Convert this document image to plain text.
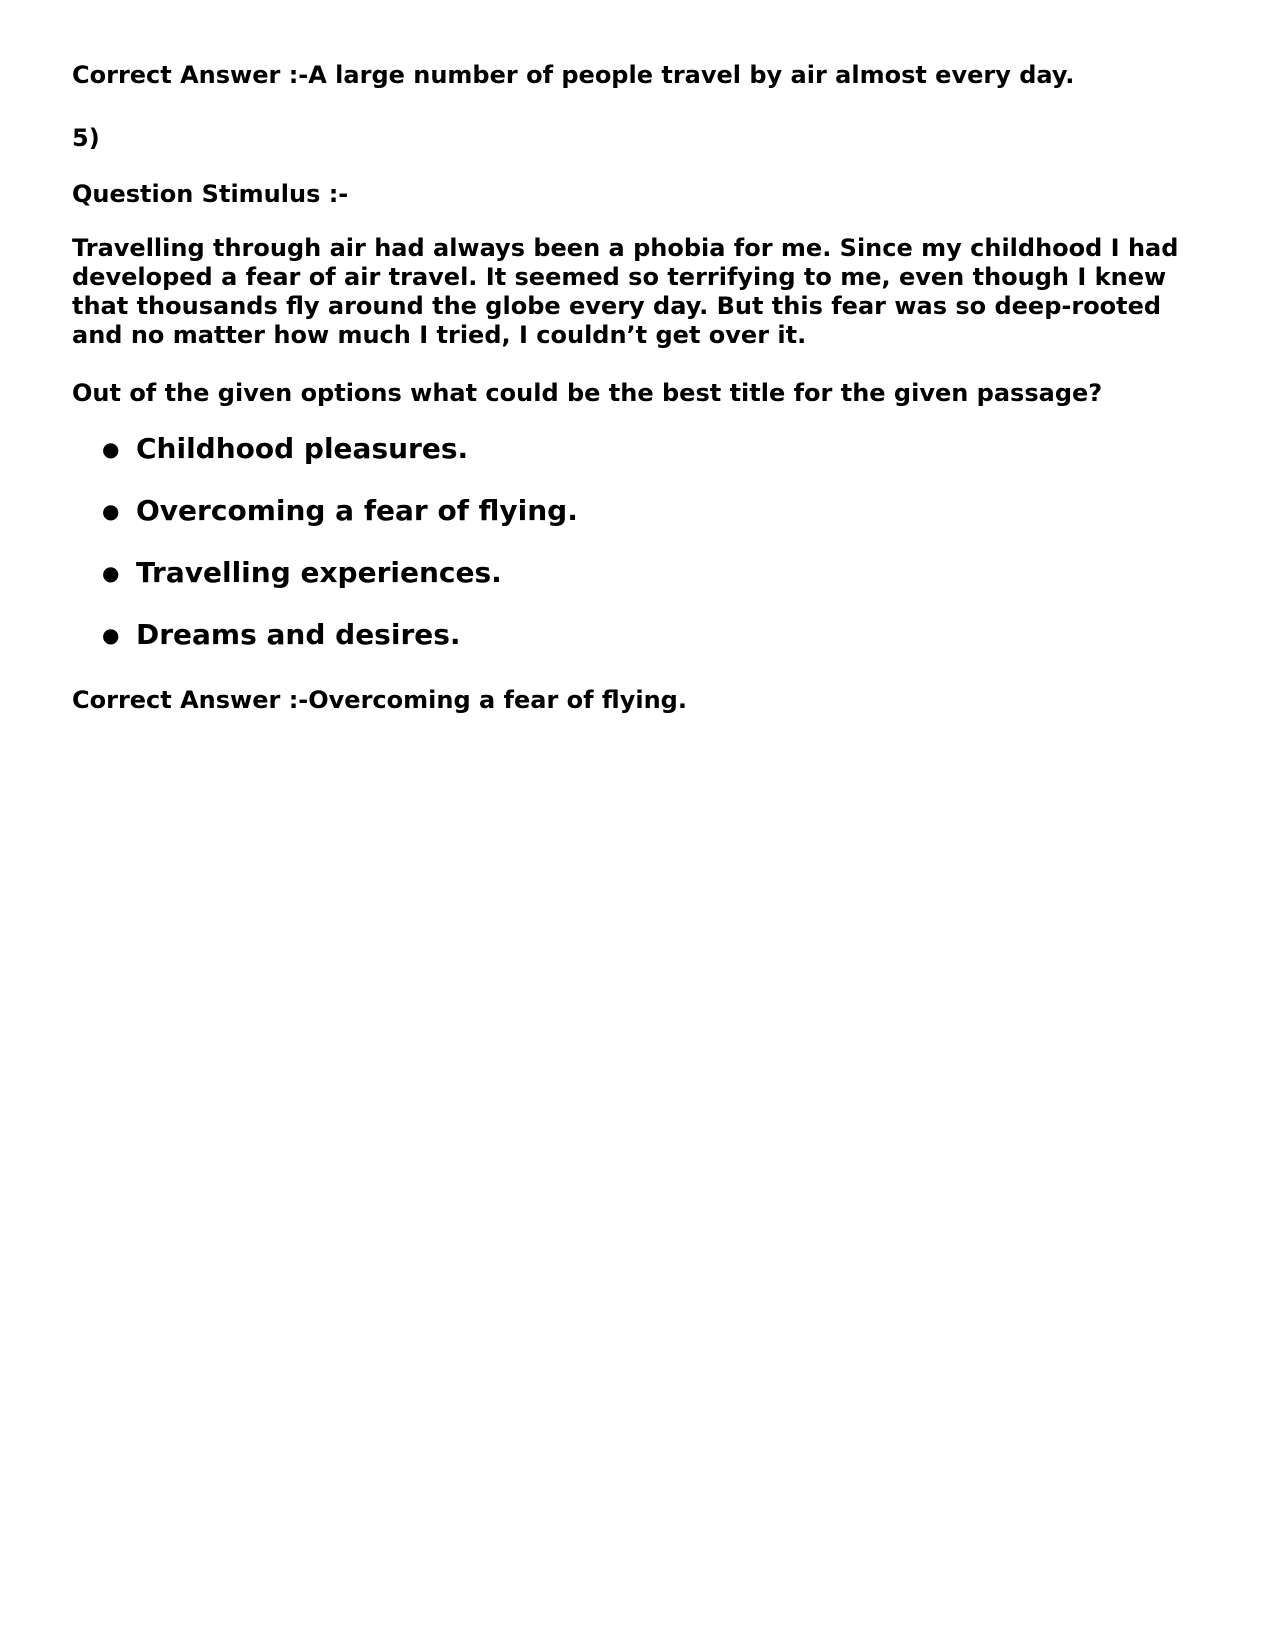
Correct Answer :-A large number of people travel by air almost every day.

5)

Question Stimulus :-

Travelling through air had always been a phobia for me. Since my childhood I had developed a fear of air travel. It seemed so terrifying to me, even though I knew that thousands fly around the globe every day. But this fear was so deep-rooted and no matter how much I tried, I couldn’t get over it.

Out of the given options what could be the best title for the given passage?

● Childhood pleasures.
● Overcoming a fear of flying.
● Travelling experiences.
● Dreams and desires.

Correct Answer :-Overcoming a fear of flying.
